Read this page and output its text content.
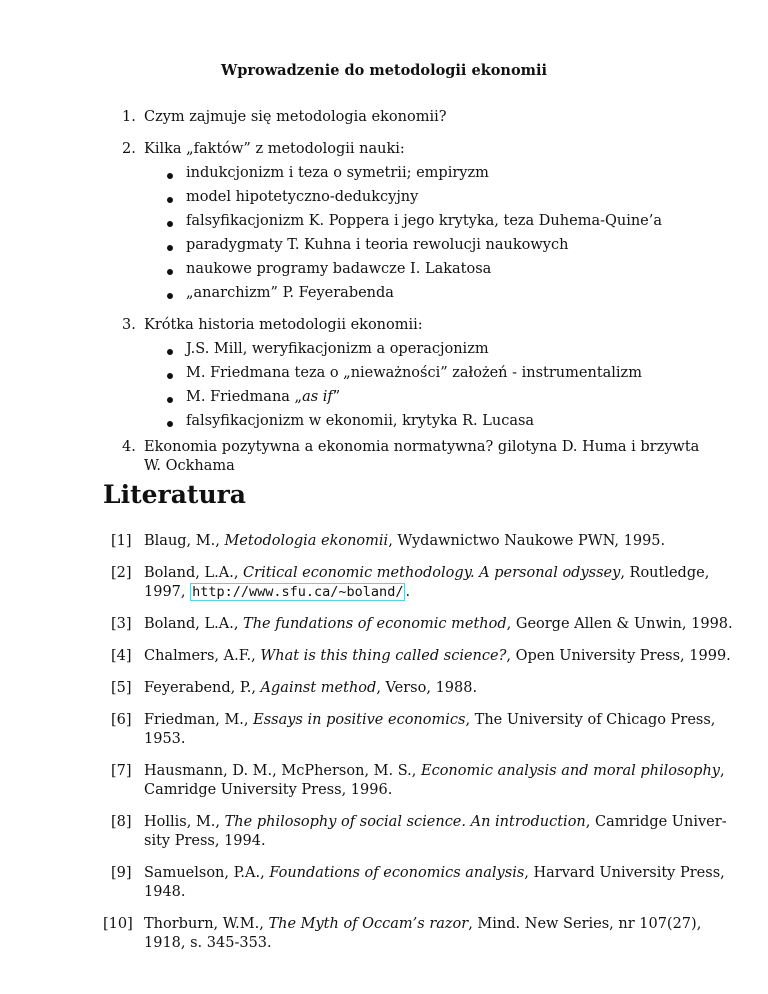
Wprowadzenie do metodologii ekonomii
1. Czym zajmuje się metodologia ekonomii?
2. Kilka „faktów” z metodologii nauki:
indukcjonizm i teza o symetrii; empiryzm
model hipotetyczno-dedukcyjny
falsyfikacjonizm K. Poppera i jego krytyka, teza Duhema-Quine’a
paradygmaty T. Kuhna i teoria rewolucji naukowych
naukowe programy badawcze I. Lakatosa
„anarchizm” P. Feyerabenda
3. Krótka historia metodologii ekonomii:
J.S. Mill, weryfikacjonizm a operacjonizm
M. Friedmana teza o „nieważności” założeń - instrumentalizm
M. Friedmana „as if”
falsyfikacjonizm w ekonomii, krytyka R. Lucasa
4. Ekonomia pozytywna a ekonomia normatywna? gilotyna D. Huma i brzywta
W. Ockhama
Literatura
[1] Blaug, M., Metodologia ekonomii, Wydawnictwo Naukowe PWN, 1995.
[2] Boland, L.A., Critical economic methodology. A personal odyssey, Routledge,
1997, http://www.sfu.ca/~boland/ .
[3] Boland, L.A., The fundations of economic method, George Allen & Unwin, 1998.
[4] Chalmers, A.F., What is this thing called science?, Open University Press, 1999.
[5] Feyerabend, P., Against method, Verso, 1988.
[6] Friedman, M., Essays in positive economics, The University of Chicago Press,
1953.
[7] Hausmann, D. M., McPherson, M. S., Economic analysis and moral philosophy,
Camridge University Press, 1996.
[8] Hollis, M., The philosophy of social science. An introduction, Camridge Univer-
sity Press, 1994.
[9] Samuelson, P.A., Foundations of economics analysis, Harvard University Press,
1948.
[10] Thorburn, W.M., The Myth of Occam’s razor, Mind. New Series, nr 107(27),
1918, s. 345-353.
